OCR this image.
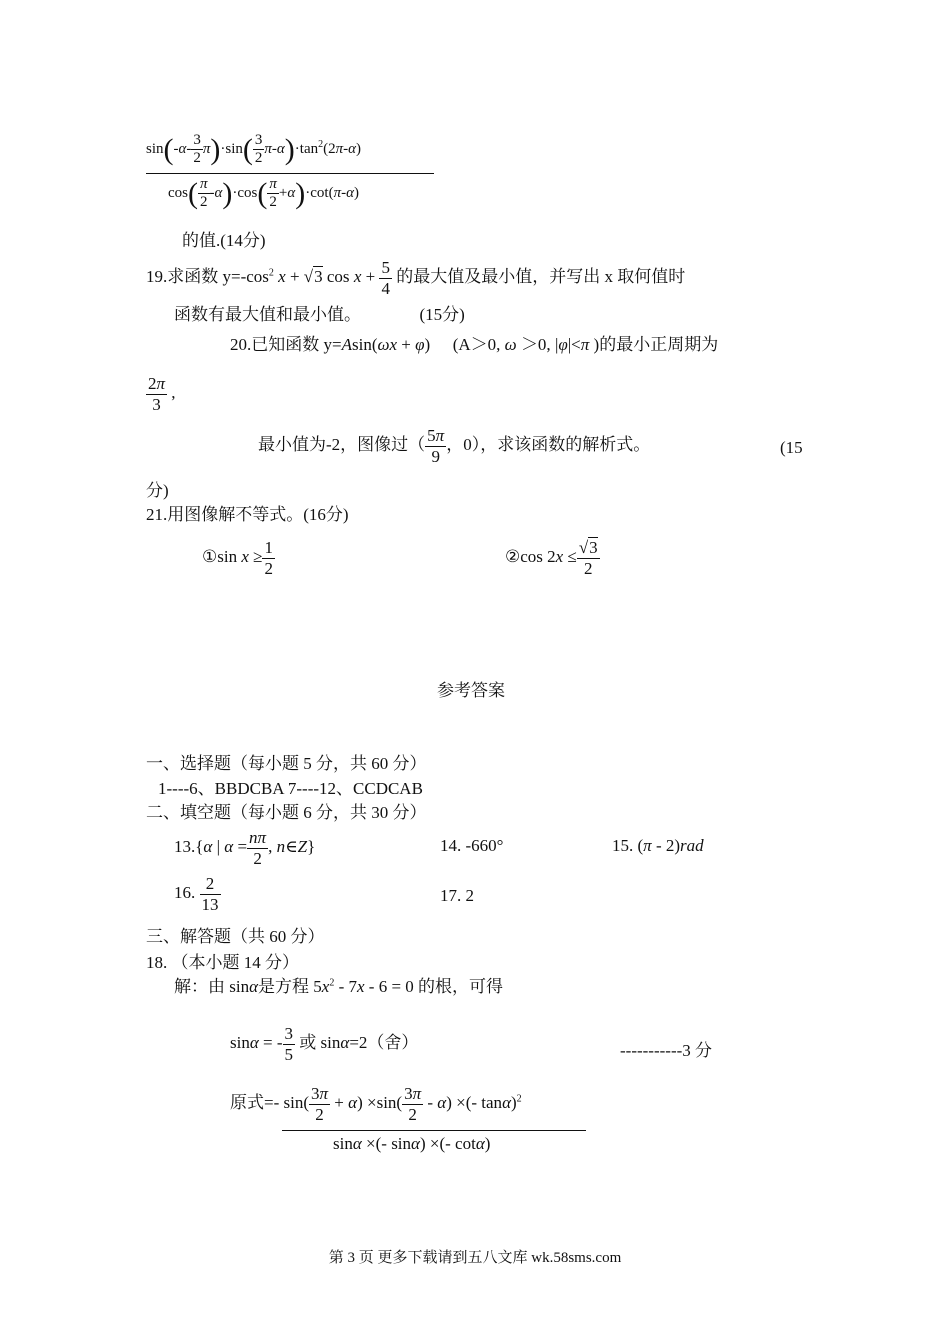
$\sin(-\alpha- \frac{3}{2} \pi)\cdot\sin( \frac{3}{2} \pi-\alpha)\cdot\tan^2(2\pi-\alpha)$
$\cos( \frac{\pi}{2} -\alpha)\cdot\cos( \frac{\pi}{2} +\alpha)\cdot\cot(\pi-\alpha)$
的值.(14分)
19.求函数 $y=-\cos^2$ x + √3 $\cos x + \frac{5}{4}$ 的最大值及最小值，并写出 x 取何值时
函数有最大值和最小值。	(15分)
20.已知函数 y=Asin(ωx + φ)  (A＞0, ω ＞0, |φ|<π )的最小正周期为
$\frac{2\pi}{3}$ ,
最小值为-2，图像过（ $\frac{5\pi}{9}$ ，0），求该函数的解析式。	(15
分)
21.用图像解不等式。(16分)
①sin $x \ge \frac{1}{2}$	②cos $2x \le \frac{√3}{2}$
参考答案
一、选择题（每小题 5 分，共 60 分）
1----6、BBDCBA 7----12、CCDCAB
二、填空题（每小题 6 分，共 30 分）
13.{α | $\alpha = \frac{n\pi}{2}$ , n∈Z}	14. -660°	15. (π - 2)rad
16. $\frac{2}{13}$	17. 2
三、解答题（共 60 分）
18. （本小题 14 分）
解：由 sinα是方程 $5x^2 - 7x - 6 = 0$ 的根，可得
sinα = - $\frac{3}{5}$ 或 sinα=2（舍）	-----------3 分
原式=- $\sin( \frac{3\pi}{2} + \alpha) \times\sin( \frac{3\pi}{2} - \alpha)$ ×(- tanα)$^2$
sinα ×(- sinα) ×(- cotα)
第 3 页 更多下载请到五八文库 wk.58sms.com
